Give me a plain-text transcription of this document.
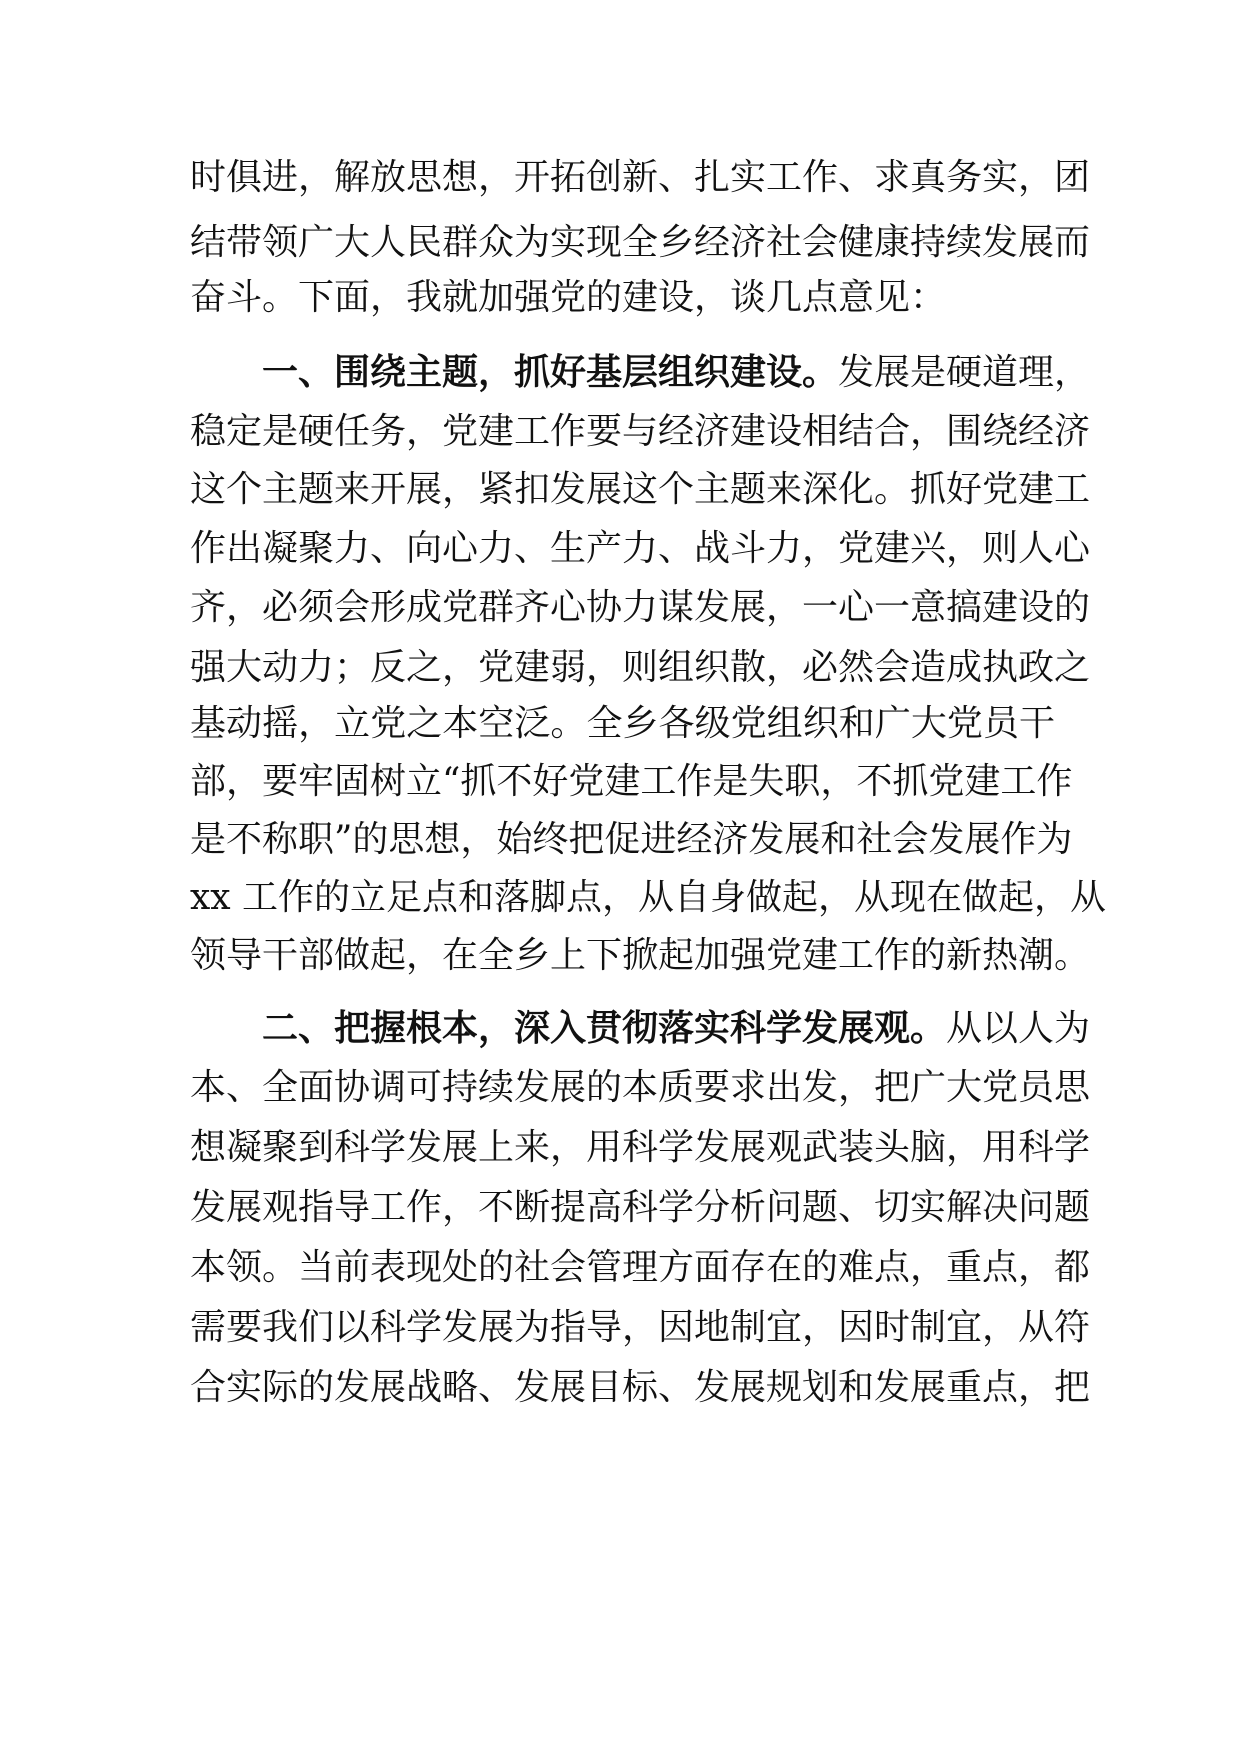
时俱进，解放思想，开拓创新、扎实工作、求真务实，团
结带领广大人民群众为实现全乡经济社会健康持续发展而
奋斗。下面，我就加强党的建设，谈几点意见：
一、围绕主题，抓好基层组织建设。发展是硬道理，
稳定是硬任务，党建工作要与经济建设相结合，围绕经济
这个主题来开展，紧扣发展这个主题来深化。抓好党建工
作出凝聚力、向心力、生产力、战斗力，党建兴，则人心
齐，必须会形成党群齐心协力谋发展，一心一意搞建设的
强大动力；反之，党建弱，则组织散，必然会造成执政之
基动摇，立党之本空泛。全乡各级党组织和广大党员干
部，要牢固树立“抓不好党建工作是失职，不抓党建工作
是不称职”的思想，始终把促进经济发展和社会发展作为
xx 工作的立足点和落脚点，从自身做起，从现在做起，从
领导干部做起，在全乡上下掀起加强党建工作的新热潮。
二、把握根本，深入贯彻落实科学发展观。从以人为
本、全面协调可持续发展的本质要求出发，把广大党员思
想凝聚到科学发展上来，用科学发展观武装头脑，用科学
发展观指导工作，不断提高科学分析问题、切实解决问题
本领。当前表现处的社会管理方面存在的难点，重点，都
需要我们以科学发展为指导，因地制宜，因时制宜，从符
合实际的发展战略、发展目标、发展规划和发展重点，把
